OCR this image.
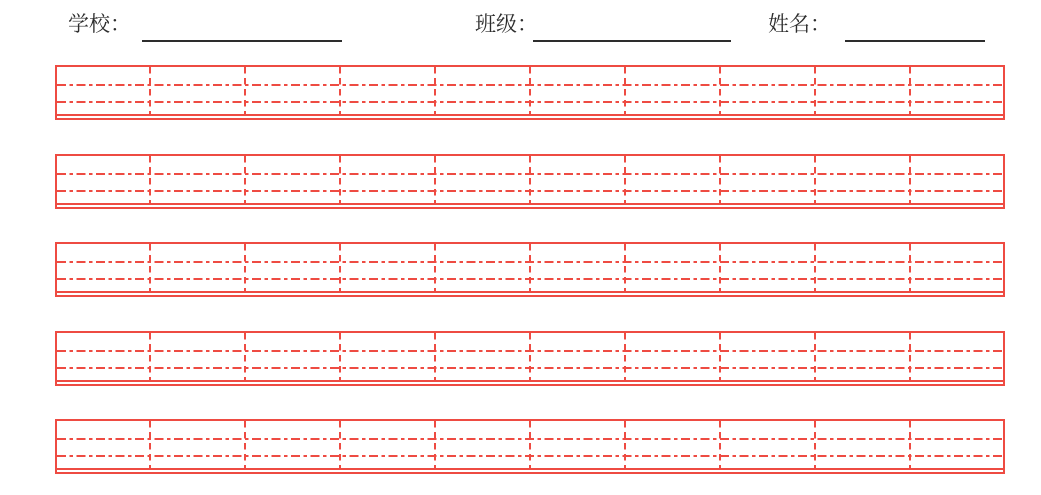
学校：	班级：	姓名：
